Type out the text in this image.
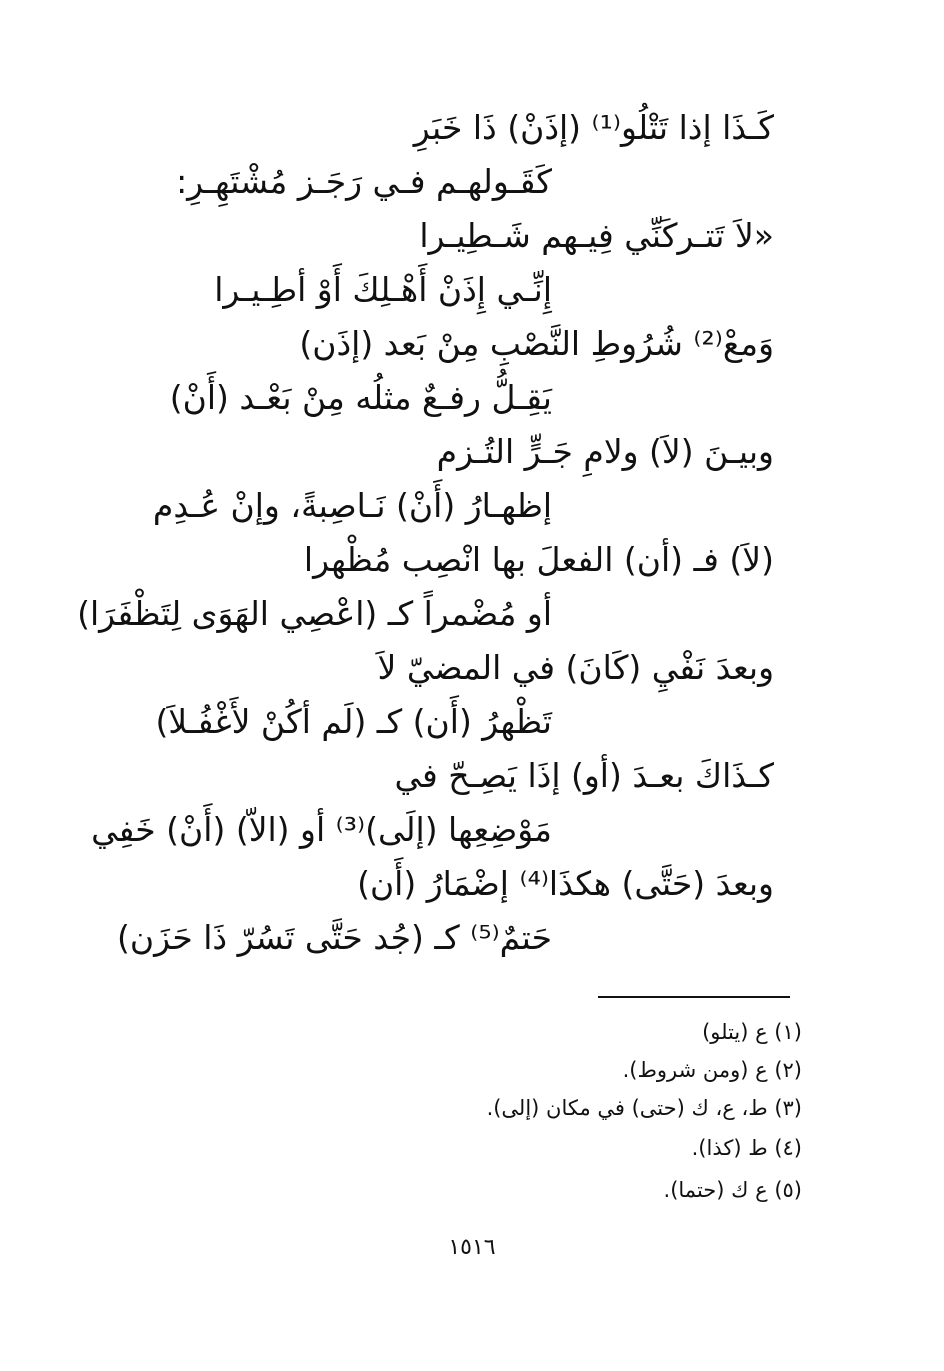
كَـذَا إذا تَتْلُو⁽¹⁾ (إذَنْ) ذَا خَبَرِ
كَقَـولهـم فـي رَجَـز مُشْتَهِـرِ:
«لاَ تَتـركَنِّي فِيـهم شَـطِيـرا
إِنِّـي إِذَنْ أَهْـلِكَ أَوْ أطِـيـرا
وَمعْ⁽²⁾ شُرُوطِ النَّصْبِ مِنْ بَعد (إذَن)
يَقِـلُّ رفـعٌ مثلُه مِنْ بَعْـد (أَنْ)
وبيـنَ (لاَ) ولامِ جَـرٍّ التُـزم
إظهـارُ (أَنْ) نَـاصِبةً، وإنْ عُـدِم
(لاَ) فـ (أن) الفعلَ بها انْصِب مُظْهرا
أو مُضْمراً كـ (اعْصِي الهَوَى لِتَظْفَرَا)
وبعدَ نَفْيِ (كَانَ) في المضيّ لاَ
تَظْهرُ (أَن) كـ (لَم أكُنْ لأَغْفُـلاَ)
كـذَاكَ بعـدَ (أو) إذَا يَصِـحّ في
مَوْضِعِها (إلَى)⁽³⁾ أو (الاّ) (أَنْ) خَفِي
وبعدَ (حَتَّى) هكذَا⁽⁴⁾ إضْمَارُ (أَن)
حَتمٌ⁽⁵⁾ كـ (جُد حَتَّى تَسُرّ ذَا حَزَن)
(١) ع (يتلو)
(٢) ع (ومن شروط).
(٣) ط، ع، ك (حتى) في مكان (إلى).
(٤) ط (كذا).
(٥) ع ك (حتما).
١٥١٦
